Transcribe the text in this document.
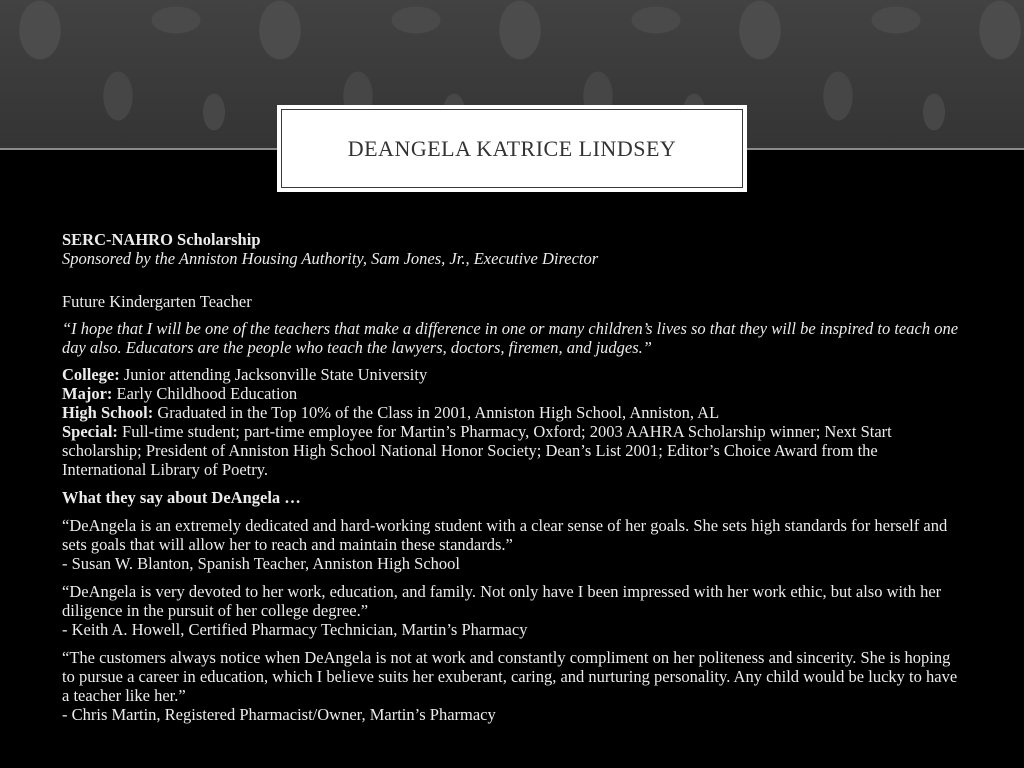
DEANGELA KATRICE LINDSEY

SERC-NAHRO Scholarship
Sponsored by the Anniston Housing Authority, Sam Jones, Jr., Executive Director

Future Kindergarten Teacher

“I hope that I will be one of the teachers that make a difference in one or many children’s lives so that they will be inspired to teach one day also. Educators are the people who teach the lawyers, doctors, firemen, and judges.”

College: Junior attending Jacksonville State University
Major: Early Childhood Education
High School: Graduated in the Top 10% of the Class in 2001, Anniston High School, Anniston, AL
Special: Full-time student; part-time employee for Martin’s Pharmacy, Oxford; 2003 AAHRA Scholarship winner; Next Start scholarship; President of Anniston High School National Honor Society; Dean’s List 2001; Editor’s Choice Award from the International Library of Poetry.

What they say about DeAngela …

“DeAngela is an extremely dedicated and hard-working student with a clear sense of her goals. She sets high standards for herself and sets goals that will allow her to reach and maintain these standards.”
- Susan W. Blanton, Spanish Teacher, Anniston High School

“DeAngela is very devoted to her work, education, and family. Not only have I been impressed with her work ethic, but also with her diligence in the pursuit of her college degree.”
- Keith A. Howell, Certified Pharmacy Technician, Martin’s Pharmacy

“The customers always notice when DeAngela is not at work and constantly compliment on her politeness and sincerity. She is hoping to pursue a career in education, which I believe suits her exuberant, caring, and nurturing personality. Any child would be lucky to have a teacher like her.”
- Chris Martin, Registered Pharmacist/Owner, Martin’s Pharmacy
